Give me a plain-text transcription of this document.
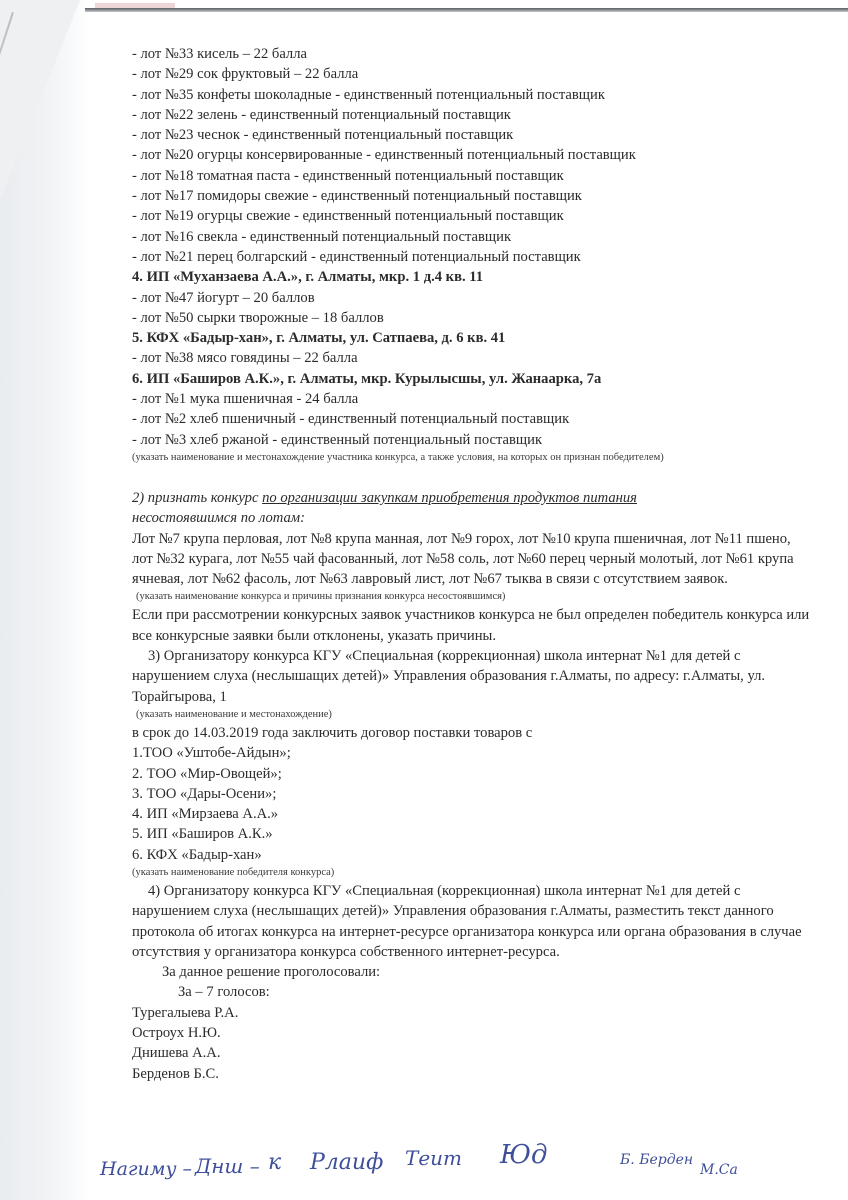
- лот №33 кисель – 22 балла
- лот №29 сок фруктовый – 22 балла
- лот №35 конфеты шоколадные - единственный потенциальный поставщик
- лот №22 зелень - единственный потенциальный поставщик
- лот №23 чеснок - единственный потенциальный поставщик
- лот №20 огурцы консервированные - единственный потенциальный поставщик
- лот №18 томатная паста - единственный потенциальный поставщик
- лот №17 помидоры свежие - единственный потенциальный поставщик
- лот №19 огурцы свежие - единственный потенциальный поставщик
- лот №16 свекла - единственный потенциальный поставщик
- лот №21 перец болгарский - единственный потенциальный поставщик
4. ИП «Муханзаева А.А.», г. Алматы, мкр. 1 д.4 кв. 11
- лот №47 йогурт – 20 баллов
- лот №50 сырки творожные – 18 баллов
5. КФХ «Бадыр-хан», г. Алматы, ул. Сатпаева, д. 6 кв. 41
- лот №38 мясо говядины – 22 балла
6. ИП «Баширов А.К.», г. Алматы, мкр. Курылысшы, ул. Жанаарка, 7а
- лот №1 мука пшеничная - 24 балла
- лот №2 хлеб пшеничный - единственный потенциальный поставщик
- лот №3 хлеб ржаной - единственный потенциальный поставщик
(указать наименование и местонахождение участника конкурса, а также условия, на которых он признан победителем)
2) признать конкурс по организации закупкам приобретения продуктов питания
несостоявшимся по лотам:
Лот №7 крупа перловая, лот №8 крупа манная, лот №9 горох, лот №10 крупа пшеничная, лот №11 пшено, лот №32 курага, лот №55 чай фасованный, лот №58 соль, лот №60 перец черный молотый, лот №61 крупа ячневая, лот №62 фасоль, лот №63 лавровый лист, лот №67 тыква в связи с отсутствием заявок.
(указать наименование конкурса и причины признания конкурса несостоявшимся)
Если при рассмотрении конкурсных заявок участников конкурса не был определен победитель конкурса или все конкурсные заявки были отклонены, указать причины.
3) Организатору конкурса КГУ «Специальная (коррекционная) школа интернат №1 для детей с нарушением слуха (неслышащих детей)» Управления образования г.Алматы, по адресу: г.Алматы, ул. Торайгырова, 1
(указать наименование и местонахождение)
в срок до 14.03.2019 года заключить договор поставки товаров с
1.ТОО «Уштобе-Айдын»;
2. ТОО «Мир-Овощей»;
3. ТОО «Дары-Осени»;
4. ИП «Мирзаева А.А.»
5. ИП «Баширов А.К.»
6. КФХ «Бадыр-хан»
(указать наименование победителя конкурса)
4) Организатору конкурса КГУ «Специальная (коррекционная) школа интернат №1 для детей с нарушением слуха (неслышащих детей)» Управления образования г.Алматы, разместить текст данного протокола об итогах конкурса на интернет-ресурсе организатора конкурса или органа образования в случае отсутствия у организатора конкурса собственного интернет-ресурса.
За данное решение проголосовали:
За – 7 голосов:
Турегалыева Р.А.
Остроух Н.Ю.
Днишева А.А.
Берденов Б.С.
Нагиму – Днш – к Рлаиф Теит Юд	Б. Берден
М.Са
